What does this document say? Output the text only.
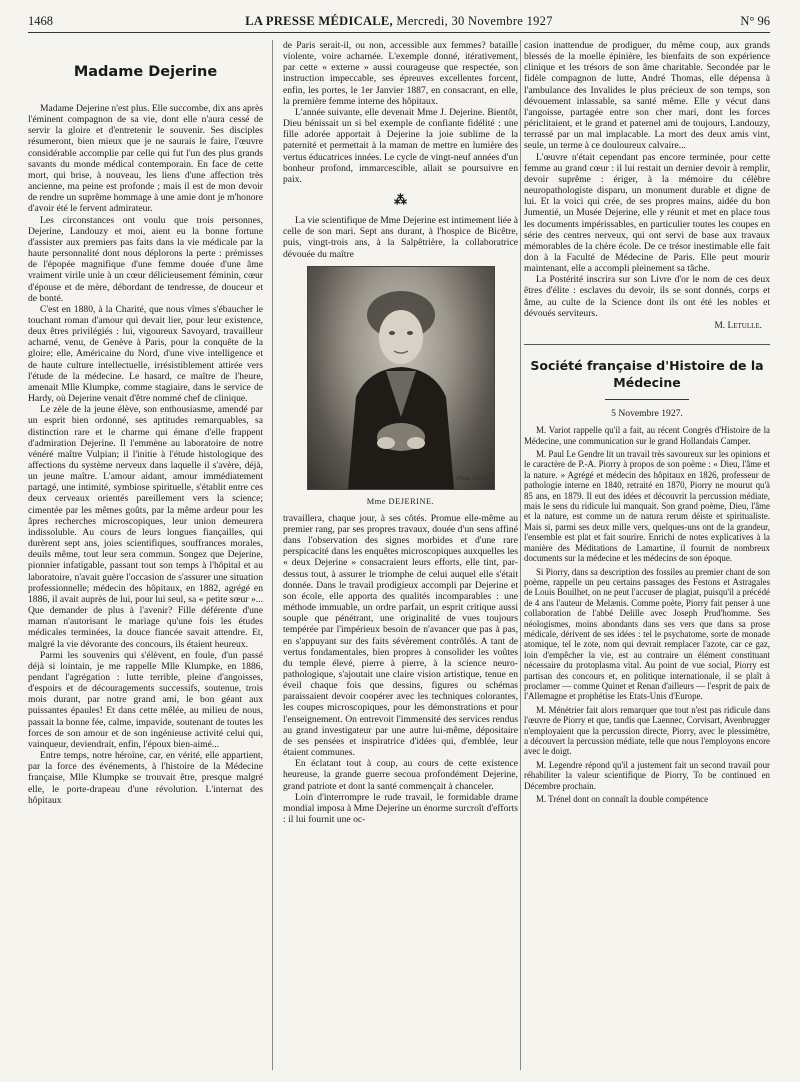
1468	LA PRESSE MÉDICALE, Mercredi, 30 Novembre 1927	N° 96
Madame Dejerine

Madame Dejerine n'est plus. Elle succombe, dix ans après l'éminent compagnon de sa vie, dont elle n'aura cessé de servir la gloire et d'entretenir le souvenir. Ses disciples résumeront, bien mieux que je ne saurais le faire, l'œuvre considérable accomplie par celle qui fut l'un des plus grands savants du monde médical contemporain. En face de cette mort, qui brise, à nouveau, les liens d'une affection très ancienne, ma peine est profonde ; mais il est de mon devoir de rendre un suprême hommage à une amie dont je m'honore d'avoir été le fervent admirateur.

Les circonstances ont voulu que trois personnes, Dejerine, Landouzy et moi, aient eu la bonne fortune d'assister aux premiers pas faits dans la vie médicale par la haute personnalité dont nous déplorons la perte : prémisses de l'épopée magnifique d'une femme douée d'une âme vraiment virile unie à un cœur délicieusement féminin, cœur d'épouse et de mère, débordant de tendresse, de douceur et de bonté.

C'est en 1880, à la Charité, que nous vîmes s'ébaucher le touchant roman d'amour qui devait lier, pour leur existence, deux êtres privilégiés : lui, vigoureux Savoyard, travailleur acharné, venu, de Genève à Paris, pour la conquête de la gloire; elle, Américaine du Nord, d'une vive intelligence et de haute culture intellectuelle, irrésistiblement attirée vers l'étude de la médecine. Le hasard, ce maître de l'heure, amenait Mlle Klumpke, comme stagiaire, dans le service de Hardy, où Dejerine venait d'être nommé chef de clinique.

Le zèle de la jeune élève, son enthousiasme, amendé par un esprit bien ordonné, ses aptitudes remarquables, sa distinction rare et le charme qui émane d'elle frappent d'admiration Dejerine. Il l'emmène au laboratoire de notre vénéré maître Vulpian; il l'initie à l'étude histologique des affections du système nerveux dans laquelle il s'avère, déjà, un jeune maître. L'amour aidant, amour immédiatement partagé, une intimité, symbiose spirituelle, s'établit entre ces deux cerveaux orientés pareillement vers la science; cimentée par les mêmes goûts, par la même ardeur pour les âpres recherches microscopiques, leur union demeurera indissoluble. Au cours de leurs longues fiançailles, qui durèrent sept ans, joies scientifiques, souffrances morales, deuils même, tout leur sera commun. Songez que Dejerine, pionnier infatigable, passant tout son temps à l'hôpital et au laboratoire, n'avait guère l'occasion de s'assurer une situation professionnelle; médecin des hôpitaux, en 1882, agrégé en 1886, il avait auprès de lui, pour lui seul, sa « petite sœur »... Que demander de plus à l'avenir? Fille déférente d'une maman n'autorisant le mariage qu'une fois les études médicales terminées, la douce fiancée savait attendre. Et, malgré la vie dévorante des concours, ils étaient heureux.

Parmi les souvenirs qui s'élèvent, en foule, d'un passé déjà si lointain, je me rappelle Mlle Klumpke, en 1886, pendant l'agrégation : lutte terrible, pleine d'angoisses, d'espoirs et de découragements successifs, soutenue, trois mois durant, par notre grand ami, le bon géant aux puissantes épaules! Et dans cette mêlée, au milieu de nous, passait la bonne fée, calme, impavide, soutenant de toutes les forces de son amour et de son ingénieuse activité celui qui, vainqueur, deviendrait, enfin, l'époux bien-aimé...

Entre temps, notre héroïne, car, en vérité, elle appartient, par la force des événements, à l'histoire de la Médecine française, Mlle Klumpke se trouvait être, presque malgré elle, le porte-drapeau d'une révolution. L'internat des hôpitaux

de Paris serait-il, ou non, accessible aux femmes? bataille violente, voire acharnée. L'exemple donné, itérativement, par cette « externe » aussi courageuse que respectée, son instruction impeccable, ses épreuves excellentes forcent, enfin, les portes, le 1er Janvier 1887, en consacrant, en elle, la première femme interne des hôpitaux.

L'année suivante, elle devenait Mme J. Dejerine. Bientôt, Dieu bénissait un si bel exemple de confiante fidélité : une fille adorée apportait à Dejerine la joie sublime de la paternité et permettait à la maman de mettre en lumière des vertus éducatrices innées. Le cycle de vingt-neuf années d'un bonheur profond, immarcescible, allait se poursuivre en paix.

⁂

La vie scientifique de Mme Dejerine est intimement liée à celle de son mari. Sept ans durant, à l'hospice de Bicêtre, puis, vingt-trois ans, à la Salpêtrière, la collaboratrice dévouée du maître

Photo Vizzar.

Mme DEJERINE.

travaillera, chaque jour, à ses côtés. Promue elle-même au premier rang, par ses propres travaux, douée d'un sens affiné dans l'observation des signes morbides et d'une rare perspicacité dans les enquêtes microscopiques auxquelles les « deux Dejerine » consacraient leurs efforts, elle tint, par-dessus tout, à assurer le triomphe de celui auquel elle s'était donnée. Dans le travail prodigieux accompli par Dejerine et son école, elle apporta des qualités incomparables : une méthode immuable, un ordre parfait, un esprit critique aussi souple que pénétrant, une originalité de vues toujours tempérée par l'impérieux besoin de n'avancer que pas à pas, en s'appuyant sur des faits sévèrement contrôlés. A tant de vertus fondamentales, bien propres à consolider les voûtes du temple élevé, pierre à pierre, à la science neuro-pathologique, s'ajoutait une claire vision artistique, tenue en éveil chaque fois que dessins, figures ou schémas paraissaient devoir coopérer avec les techniques colorantes, les coupes microscopiques, pour les démonstrations et pour l'enseignement. On entrevoit l'immensité des services rendus au grand investigateur par une autre lui-même, dépositaire de ses pensées et inspiratrice d'idées qui, d'emblée, leur étaient communes.

En éclatant tout à coup, au cours de cette existence heureuse, la grande guerre secoua profondément Dejerine, grand patriote et dont la santé commençait à chanceler.

Loin d'interrompre le rude travail, le formidable drame mondial imposa à Mme Dejerine un énorme surcroît d'efforts : il lui fournit une oc-

casion inattendue de prodiguer, du même coup, aux grands blessés de la moelle épinière, les bienfaits de son expérience clinique et les trésors de son âme charitable. Secondée par le fidèle compagnon de lutte, André Thomas, elle dépensa à l'ambulance des Invalides le plus précieux de son temps, son dévouement inlassable, sa santé même. Elle y vécut dans l'angoisse, partagée entre son cher mari, dont les forces périclitaient, et le grand et paternel ami de toujours, Landouzy, terrassé par un mal implacable. La mort des deux amis vint, seule, un terme à ce douloureux calvaire...

L'œuvre n'était cependant pas encore terminée, pour cette femme au grand cœur : il lui restait un dernier devoir à remplir, devoir suprême : ériger, à la mémoire du célèbre neuropathologiste disparu, un monument durable et digne de lui. Et la voici qui crée, de ses propres mains, aidée du bon Jumentié, un Musée Dejerine, elle y réunit et met en place tous les documents impérissables, en particulier toutes les coupes en série des centres nerveux, qui ont servi de base aux travaux mémorables de la chère école. De ce trésor inestimable elle fait don à la Faculté de Médecine de Paris. Elle peut mourir maintenant, elle a accompli pleinement sa tâche.

La Postérité inscrira sur son Livre d'or le nom de ces deux êtres d'élite : esclaves du devoir, ils se sont donnés, corps et âme, au culte de la Science dont ils ont été les nobles et dévoués serviteurs.

M. Letulle.

Société française d'Histoire de la Médecine

5 Novembre 1927.

M. Variot rappelle qu'il a fait, au récent Congrès d'Histoire de la Médecine, une communication sur le grand Hollandais Camper.

M. Paul Le Gendre lit un travail très savoureux sur les opinions et le caractère de P.-A. Piorry à propos de son poème : « Dieu, l'âme et la nature. » Agrégé et médecin des hôpitaux en 1826, professeur de pathologie interne en 1840, retraité en 1870, Piorry ne mourut qu'à 85 ans, en 1879. Il eut des idées et découvrit la percussion médiate, mais le sens du ridicule lui manquait. Son grand poème, Dieu, l'âme et la nature, est comme un de natura rerum déiste et spiritualiste. Mais si, parmi ses deux mille vers, quelques-uns ont de la grandeur, l'ensemble est plat et fait sourire. Enrichi de notes explicatives à la manière des Méditations de Lamartine, il fournit de nombreux documents sur la médecine et les médecins de son époque.

Si Piorry, dans sa description des fossiles au premier chant de son poème, rappelle un peu certains passages des Festons et Astragales de Louis Bouilhet, on ne peut l'accuser de plagiat, puisqu'il a précédé de 4 ans l'auteur de Melænis. Comme poète, Piorry fait penser à une collaboration de l'abbé Delille avec Joseph Prud'homme. Ses néologismes, moins abondants dans ses vers que dans sa prose médicale, dérivent de ses idées : tel le psychatome, sorte de monade atomique, tel le zote, nom qui devrait remplacer l'azote, car ce gaz, loin d'empêcher la vie, est au contraire un élément constituant nécessaire du protoplasma vital. Au point de vue social, Piorry est partisan des concours et, en politique internationale, il se plaît à proclamer — comme Quinet et Renan d'ailleurs — l'esprit de paix de l'Allemagne et prophétise les Etats-Unis d'Europe.

M. Ménétrier fait alors remarquer que tout n'est pas ridicule dans l'œuvre de Piorry et que, tandis que Laennec, Corvisart, Avenbrugger n'employaient que la percussion directe, Piorry, avec le plessimètre, a découvert la percussion médiate, telle que nous l'employons encore avec le doigt.

M. Legendre répond qu'il a justement fait un second travail pour réhabiliter la valeur scientifique de Piorry, To be continued en Décembre prochain.

M. Trénel dont on connaît la double compétence
